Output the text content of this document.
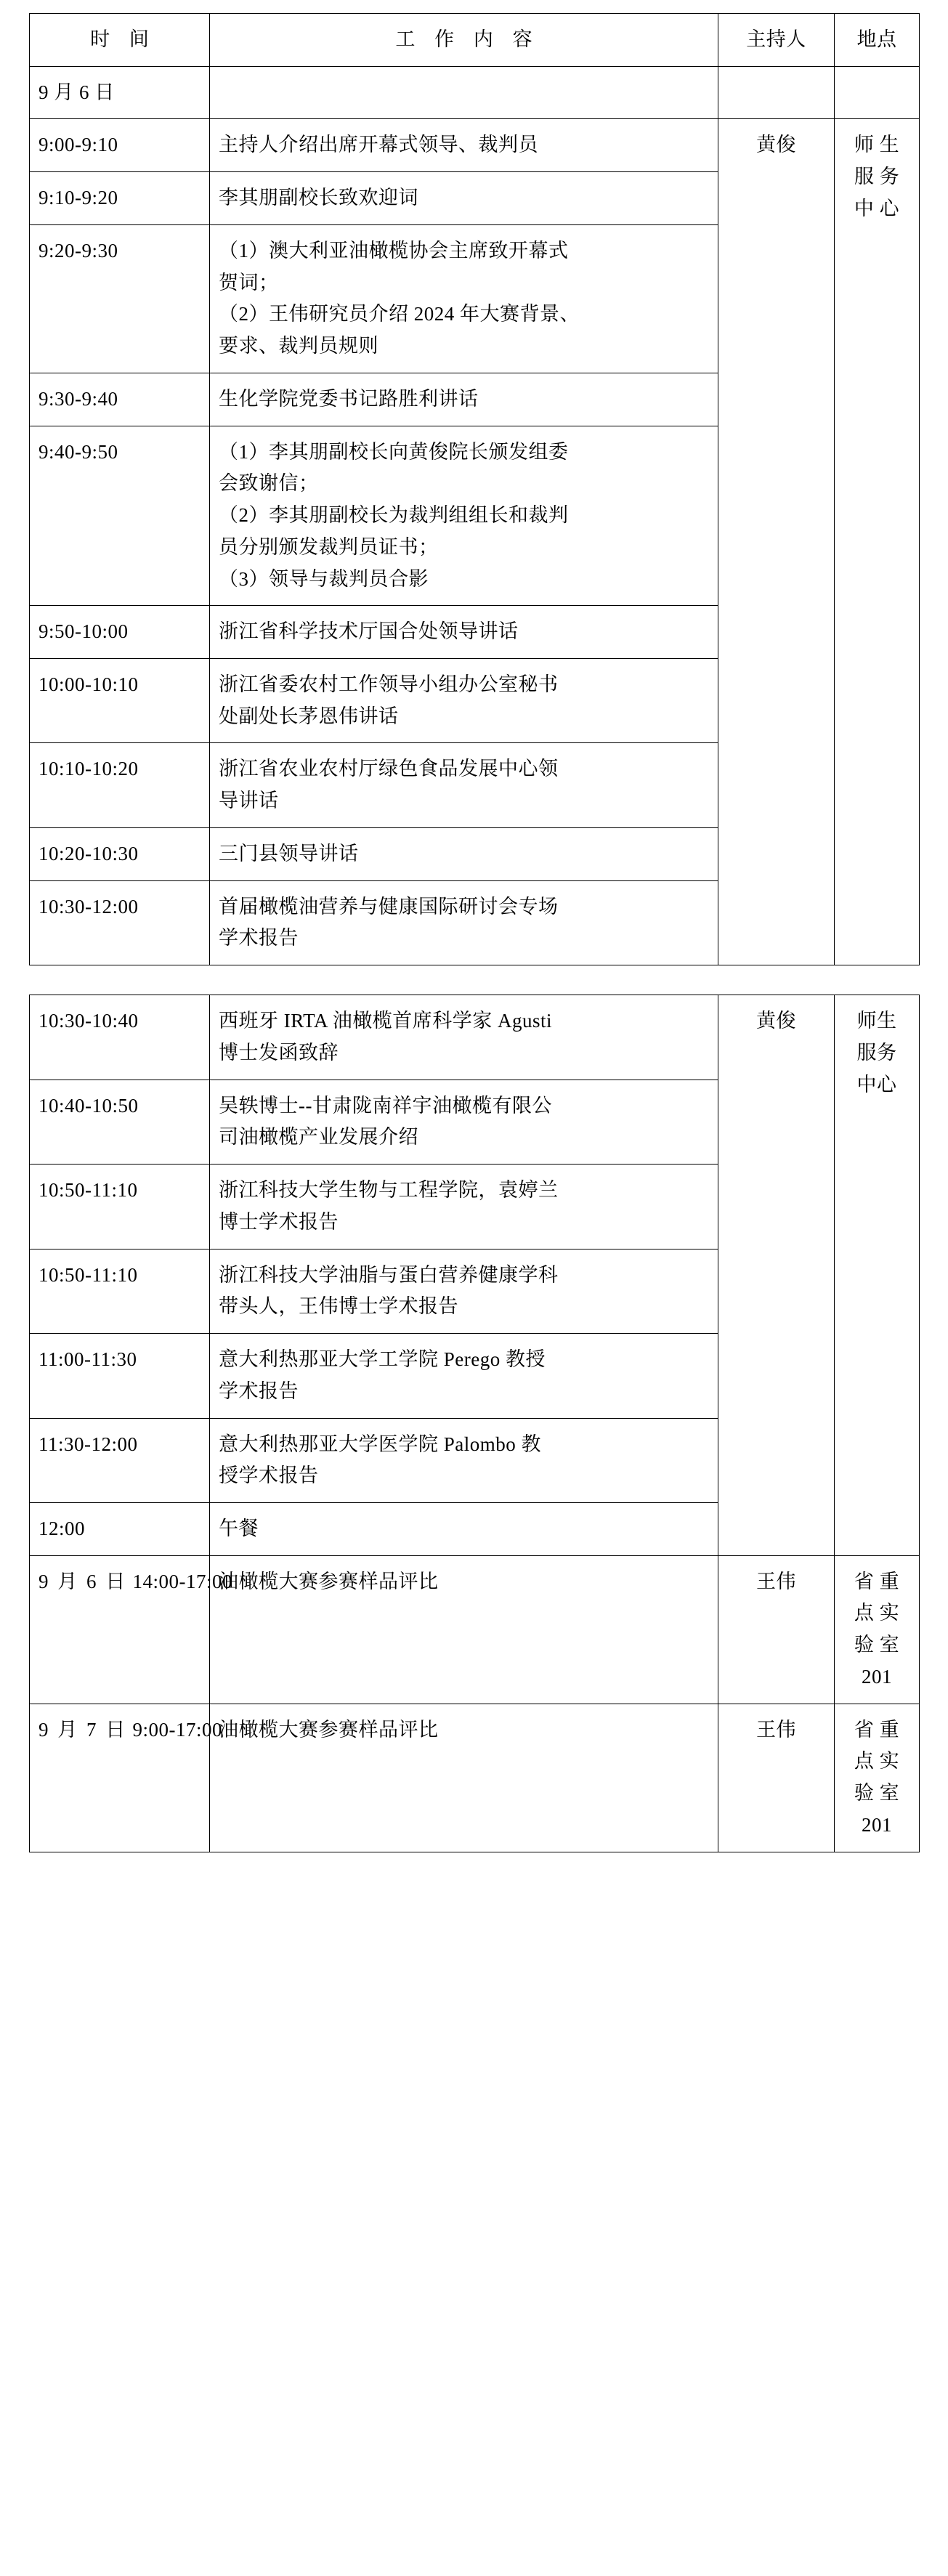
时 间	工 作 内 容	主持人	地点
9 月 6 日			
9:00-9:10	主持人介绍出席开幕式领导、裁判员	黄俊	师 生
服 务
中 心

9:10-9:20	李其朋副校长致欢迎词		

9:20-9:30	（1）澳大利亚油橄榄协会主席致开幕式
贺词；
（2）王伟研究员介绍 2024 年大赛背景、
要求、裁判员规则		

9:30-9:40	生化学院党委书记路胜利讲话		

9:40-9:50	（1）李其朋副校长向黄俊院长颁发组委
会致谢信；
（2）李其朋副校长为裁判组组长和裁判
员分别颁发裁判员证书；
（3）领导与裁判员合影		

9:50-10:00	浙江省科学技术厅国合处领导讲话		

10:00-10:10	浙江省委农村工作领导小组办公室秘书
处副处长茅恩伟讲话		

10:10-10:20	浙江省农业农村厅绿色食品发展中心领
导讲话		

10:20-10:30	三门县领导讲话		

10:30-12:00	首届橄榄油营养与健康国际研讨会专场
学术报告		
10:30-10:40	西班牙 IRTA 油橄榄首席科学家 Agusti
博士发函致辞	黄俊	师生
服务
中心

10:40-10:50	吴轶博士--甘肃陇南祥宇油橄榄有限公
司油橄榄产业发展介绍		

10:50-11:10	浙江科技大学生物与工程学院，袁婷兰
博士学术报告		

10:50-11:10	浙江科技大学油脂与蛋白营养健康学科
带头人，王伟博士学术报告		

11:00-11:30	意大利热那亚大学工学院 Perego 教授
学术报告		

11:30-12:00	意大利热那亚大学医学院 Palombo 教
授学术报告		

12:00	午餐		

9 月 6 日 14:00-17:00	油橄榄大赛参赛样品评比	王伟	省 重
点 实
验 室
201

9 月 7 日 9:00-17:00	油橄榄大赛参赛样品评比	王伟	省 重
点 实
验 室
201
